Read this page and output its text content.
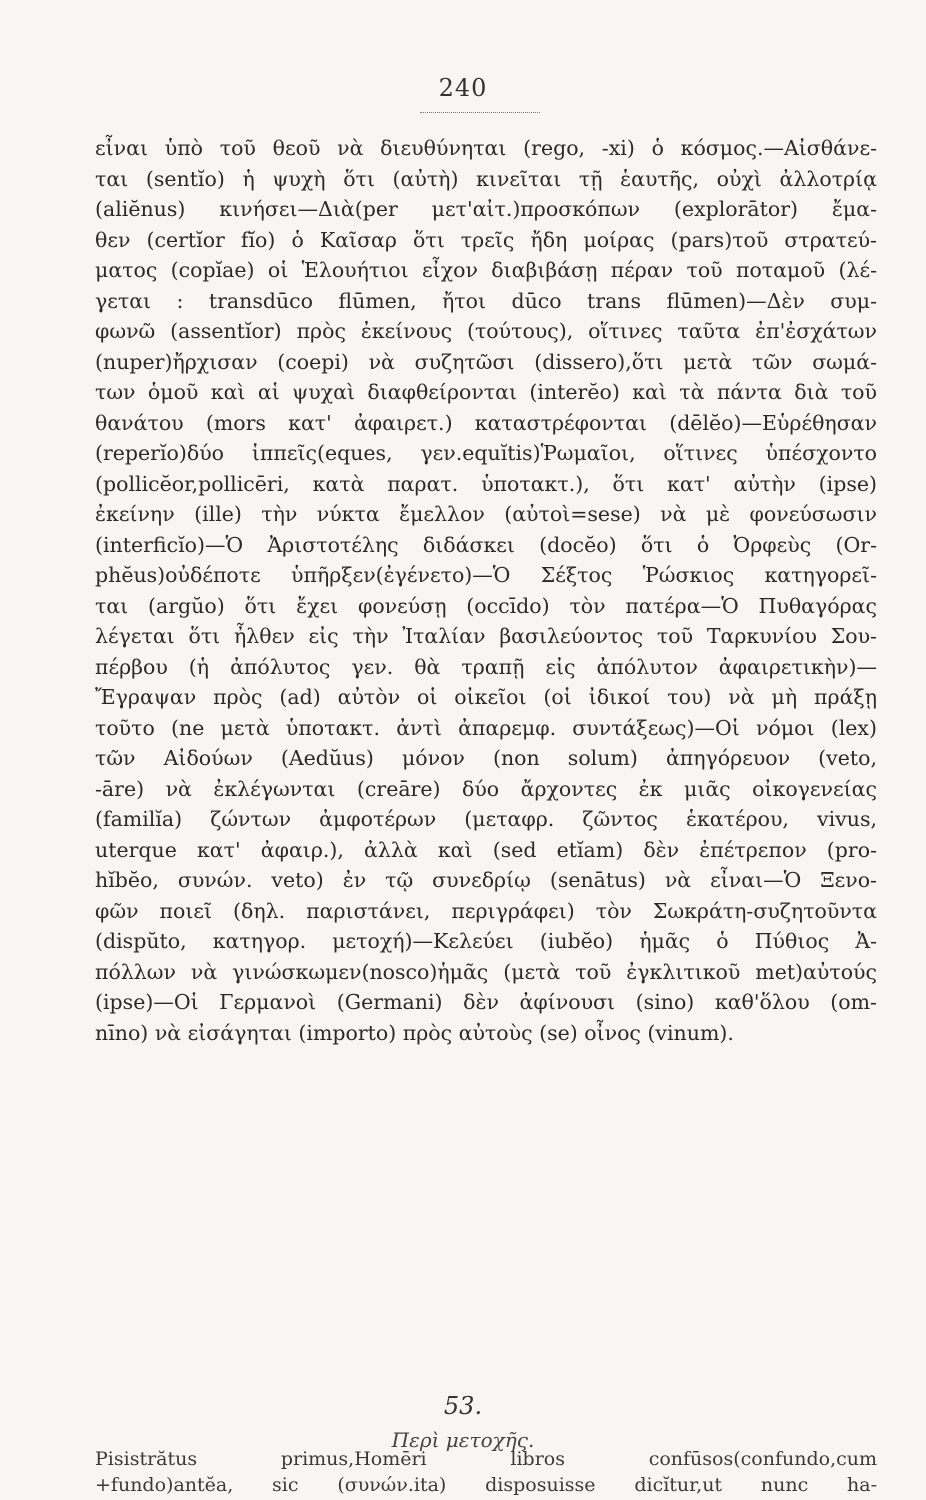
240
εἶναι ὑπὸ τοῦ θεοῦ νὰ διευθύνηται (rego, -xi) ὁ κόσμος.—Αἰσθάνε-
ται (sentĭo) ἡ ψυχὴ ὅτι (αὐτὴ) κινεῖται τῇ ἑαυτῆς, οὐχὶ ἀλλοτρίᾳ
(aliĕnus) κινήσει—Διὰ(per μετ'αἰτ.)προσκόπων (explorātor) ἔμα-
θεν (certĭor fĭo) ὁ Καῖσαρ ὅτι τρεῖς ἤδη μοίρας (pars)τοῦ στρατεύ-
ματος (copĭae) οἱ Ἑλουήτιοι εἶχον διαβιβάσῃ πέραν τοῦ ποταμοῦ (λέ-
γεται : transdūco flūmen, ἤτοι dūco trans flūmen)—Δὲν συμ-
φωνῶ (assentĭor) πρὸς ἐκείνους (τούτους), οἵτινες ταῦτα ἐπ'ἐσχάτων
(nuper)ἤρχισαν (coepi) νὰ συζητῶσι (dissero),ὅτι μετὰ τῶν σωμά-
των ὁμοῦ καὶ αἱ ψυχαὶ διαφθείρονται (interĕo) καὶ τὰ πάντα διὰ τοῦ
θανάτου (mors κατ' ἀφαιρετ.) καταστρέφονται (dēlĕo)—Εὑρέθησαν
(reperĭo)δύο ἱππεῖς(eques, γεν.equĭtis)Ῥωμαῖοι, οἵτινες ὑπέσχοντο
(pollicĕor,pollicēri, κατὰ παρατ. ὑποτακτ.), ὅτι κατ' αὐτὴν (ipse)
ἐκείνην (ille) τὴν νύκτα ἔμελλον (αὐτοὶ=sese) νὰ μὲ φονεύσωσιν
(interficĭo)—Ὁ Ἀριστοτέλης διδάσκει (docĕo) ὅτι ὁ Ὀρφεὺς (Or-
phĕus)οὐδέποτε ὑπῆρξεν(ἐγένετο)—Ὁ Σέξτος Ῥώσκιος κατηγορεῖ-
ται (argŭo) ὅτι ἔχει φονεύσῃ (occīdo) τὸν πατέρα—Ὁ Πυθαγόρας
λέγεται ὅτι ἦλθεν εἰς τὴν Ἰταλίαν βασιλεύοντος τοῦ Ταρκυνίου Σου-
πέρβου (ἡ ἀπόλυτος γεν. θὰ τραπῇ εἰς ἀπόλυτον ἀφαιρετικὴν)—
Ἔγραψαν πρὸς (ad) αὐτὸν οἱ οἰκεῖοι (οἱ ἰδικοί του) νὰ μὴ πράξῃ
τοῦτο (ne μετὰ ὑποτακτ. ἀντὶ ἀπαρεμφ. συντάξεως)—Οἱ νόμοι (lex)
τῶν Αἰδούων (Aedŭus) μόνον (non solum) ἀπηγόρευον (veto,
-āre) νὰ ἐκλέγωνται (creāre) δύο ἄρχοντες ἐκ μιᾶς οἰκογενείας
(familĭa) ζώντων ἀμφοτέρων (μεταφρ. ζῶντος ἑκατέρου, vivus,
uterque κατ' ἀφαιρ.), ἀλλὰ καὶ (sed etĭam) δὲν ἐπέτρεπον (pro-
hĭbĕo, συνών. veto) ἐν τῷ συνεδρίῳ (senātus) νὰ εἶναι—Ὁ Ξενο-
φῶν ποιεῖ (δηλ. παριστάνει, περιγράφει) τὸν Σωκράτη-συζητοῦντα
(dispŭto, κατηγορ. μετοχή)—Κελεύει (iubĕo) ἡμᾶς ὁ Πύθιος Ἀ-
πόλλων νὰ γινώσκωμεν(nosco)ἡμᾶς (μετὰ τοῦ ἐγκλιτικοῦ met)αὐτούς
(ipse)—Οἱ Γερμανοὶ (Germani) δὲν ἀφίνουσι (sino) καθ'ὅλου (om-
nīno) νὰ εἰσάγηται (importo) πρὸς αὐτοὺς (se) οἶνος (vinum).
53.
Περὶ μετοχῆς.
Pisistrătus primus,Homēri libros confūsos(confundo,cum
+fundo)antĕa, sic (συνών.ita) disposuisse dicĭtur,ut nunc ha-
